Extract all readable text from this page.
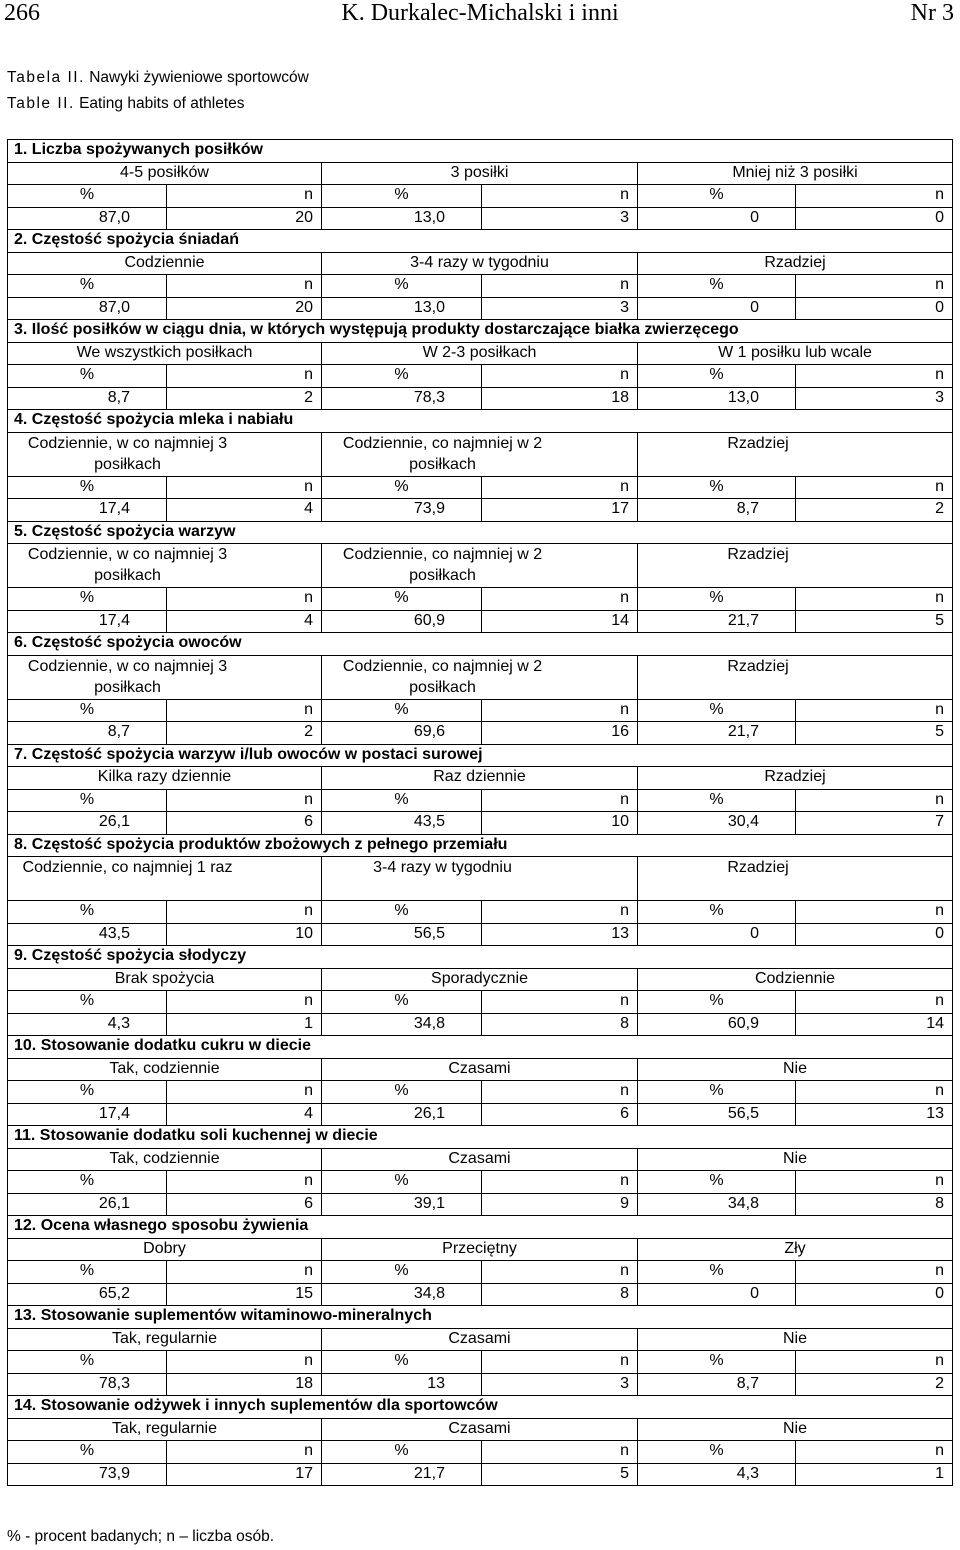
266	K. Durkalec-Michalski i inni	Nr 3
Tabela II. Nawyki żywieniowe sportowców
Table II. Eating habits of athletes
1. Liczba spożywanych posiłków					
4-5 posiłków		3 posiłki		Mniej niż 3 posiłki	
%	n	%	n	%	n
87,0	20	13,0	3	0	0
2. Częstość spożycia śniadań					
Codziennie		3-4 razy w tygodniu		Rzadziej	
%	n	%	n	%	n
87,0	20	13,0	3	0	0
3. Ilość posiłków w ciągu dnia, w których występują produkty dostarczające białka zwierzęcego					
We wszystkich posiłkach		W 2-3 posiłkach		W 1 posiłku lub wcale	
%	n	%	n	%	n
8,7	2	78,3	18	13,0	3
4. Częstość spożycia mleka i nabiału					
Codziennie, w co najmniej 3 posiłkach		Codziennie, co najmniej w 2 posiłkach		Rzadziej	
%	n	%	n	%	n
17,4	4	73,9	17	8,7	2
5. Częstość spożycia warzyw					
Codziennie, w co najmniej 3 posiłkach		Codziennie, co najmniej w 2 posiłkach		Rzadziej	
%	n	%	n	%	n
17,4	4	60,9	14	21,7	5
6. Częstość spożycia owoców					
Codziennie, w co najmniej 3 posiłkach		Codziennie, co najmniej w 2 posiłkach		Rzadziej	
%	n	%	n	%	n
8,7	2	69,6	16	21,7	5
7. Częstość spożycia warzyw i/lub owoców w postaci surowej					
Kilka razy dziennie		Raz dziennie		Rzadziej	
%	n	%	n	%	n
26,1	6	43,5	10	30,4	7
8. Częstość spożycia produktów zbożowych z pełnego przemiału					
Codziennie, co najmniej 1 raz		3-4 razy w tygodniu		Rzadziej	
%	n	%	n	%	n
43,5	10	56,5	13	0	0
9. Częstość spożycia słodyczy					
Brak spożycia		Sporadycznie		Codziennie	
%	n	%	n	%	n
4,3	1	34,8	8	60,9	14
10. Stosowanie dodatku cukru w diecie					
Tak, codziennie		Czasami		Nie	
%	n	%	n	%	n
17,4	4	26,1	6	56,5	13
11. Stosowanie dodatku soli kuchennej w diecie					
Tak, codziennie		Czasami		Nie	
%	n	%	n	%	n
26,1	6	39,1	9	34,8	8
12. Ocena własnego sposobu żywienia					
Dobry		Przeciętny		Zły	
%	n	%	n	%	n
65,2	15	34,8	8	0	0
13. Stosowanie suplementów witaminowo-mineralnych					
Tak, regularnie		Czasami		Nie	
%	n	%	n	%	n
78,3	18	13	3	8,7	2
14. Stosowanie odżywek i innych suplementów dla sportowców					
Tak, regularnie		Czasami		Nie	
%	n	%	n	%	n
73,9	17	21,7	5	4,3	1
% - procent badanych; n – liczba osób.
